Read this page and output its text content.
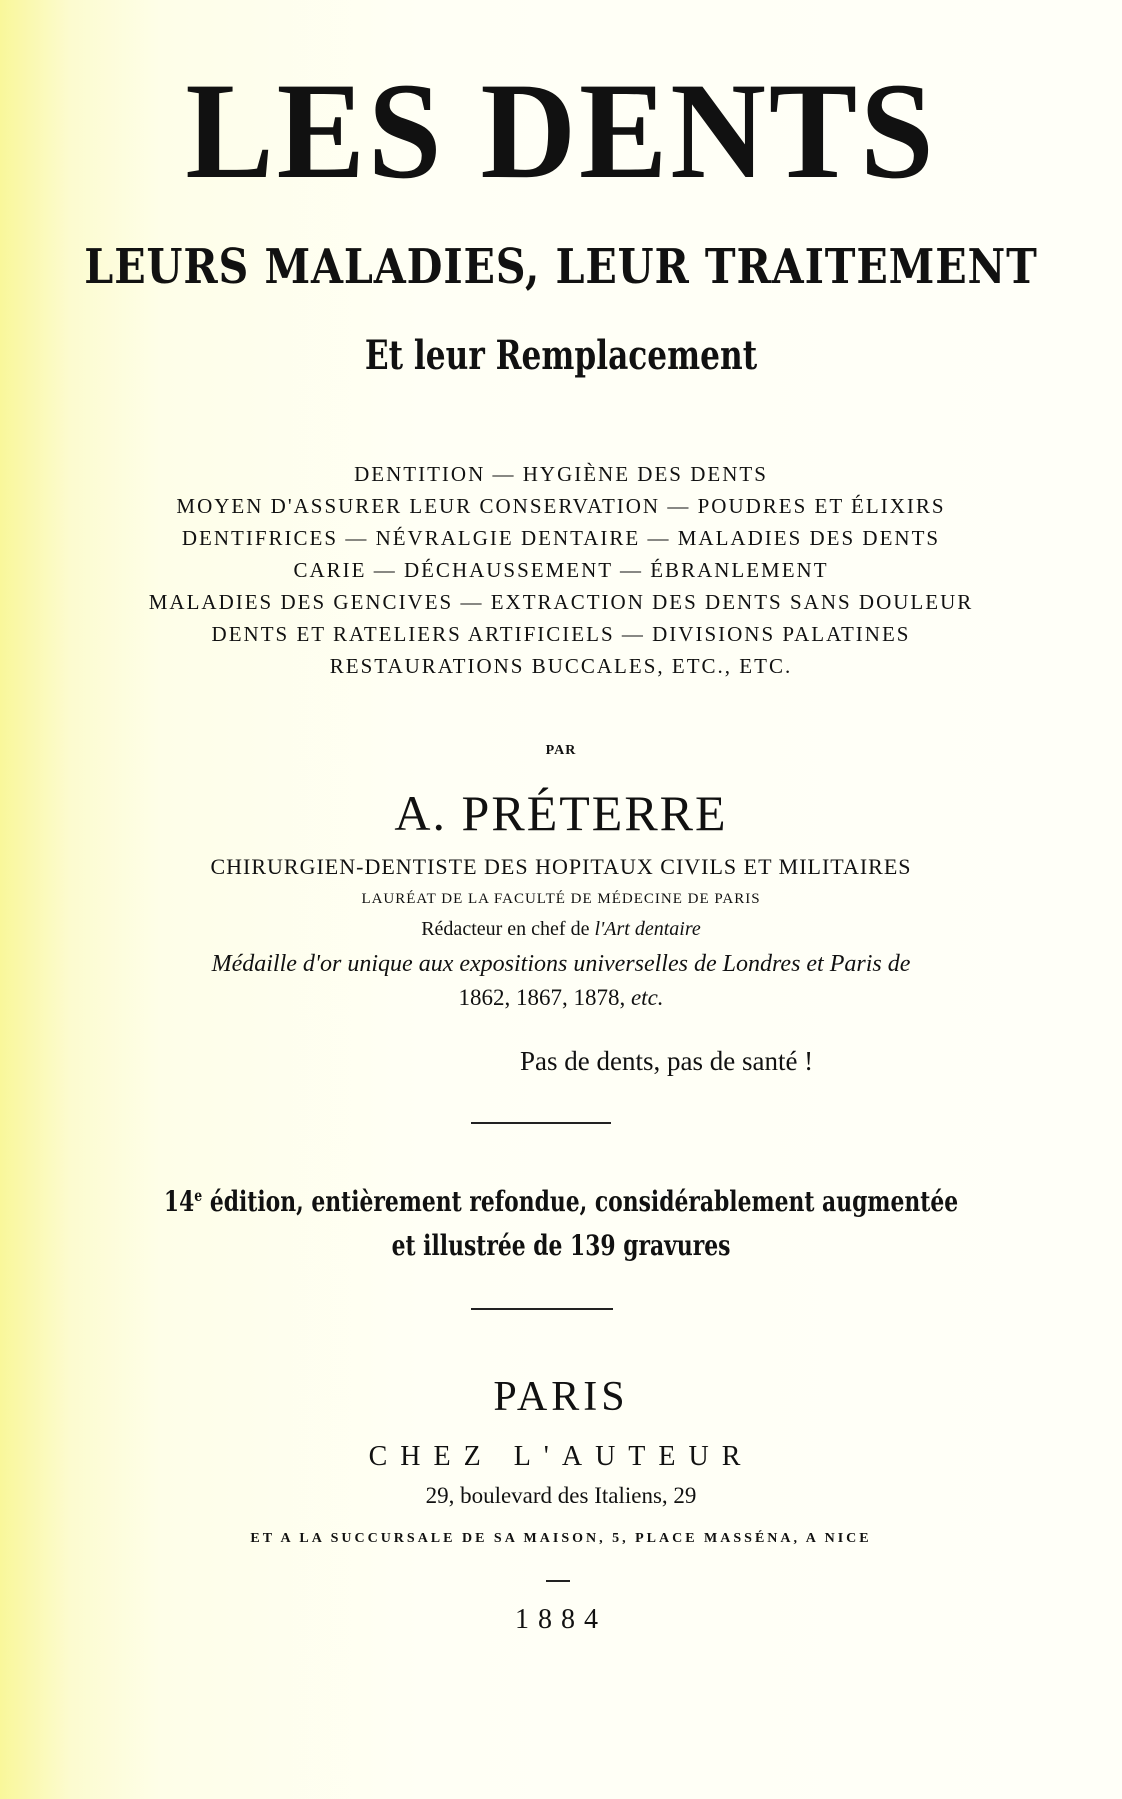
LES DENTS
LEURS MALADIES, LEUR TRAITEMENT
Et leur Remplacement
DENTITION — HYGIÈNE DES DENTS
MOYEN D'ASSURER LEUR CONSERVATION — POUDRES ET ÉLIXIRS
DENTIFRICES — NÉVRALGIE DENTAIRE — MALADIES DES DENTS
CARIE — DÉCHAUSSEMENT — ÉBRANLEMENT
MALADIES DES GENCIVES — EXTRACTION DES DENTS SANS DOULEUR
DENTS ET RATELIERS ARTIFICIELS — DIVISIONS PALATINES
RESTAURATIONS BUCCALES, ETC., ETC.
PAR
A. PRÉTERRE
CHIRURGIEN-DENTISTE DES HOPITAUX CIVILS ET MILITAIRES
LAURÉAT DE LA FACULTÉ DE MÉDECINE DE PARIS
Rédacteur en chef de l'Art dentaire
Médaille d'or unique aux expositions universelles de Londres et Paris de
1862, 1867, 1878, etc.
Pas de dents, pas de santé !
14e édition, entièrement refondue, considérablement augmentée
et illustrée de 139 gravures
PARIS
CHEZ L'AUTEUR
29, boulevard des Italiens, 29
ET A LA SUCCURSALE DE SA MAISON, 5, PLACE MASSÉNA, A NICE
1884
